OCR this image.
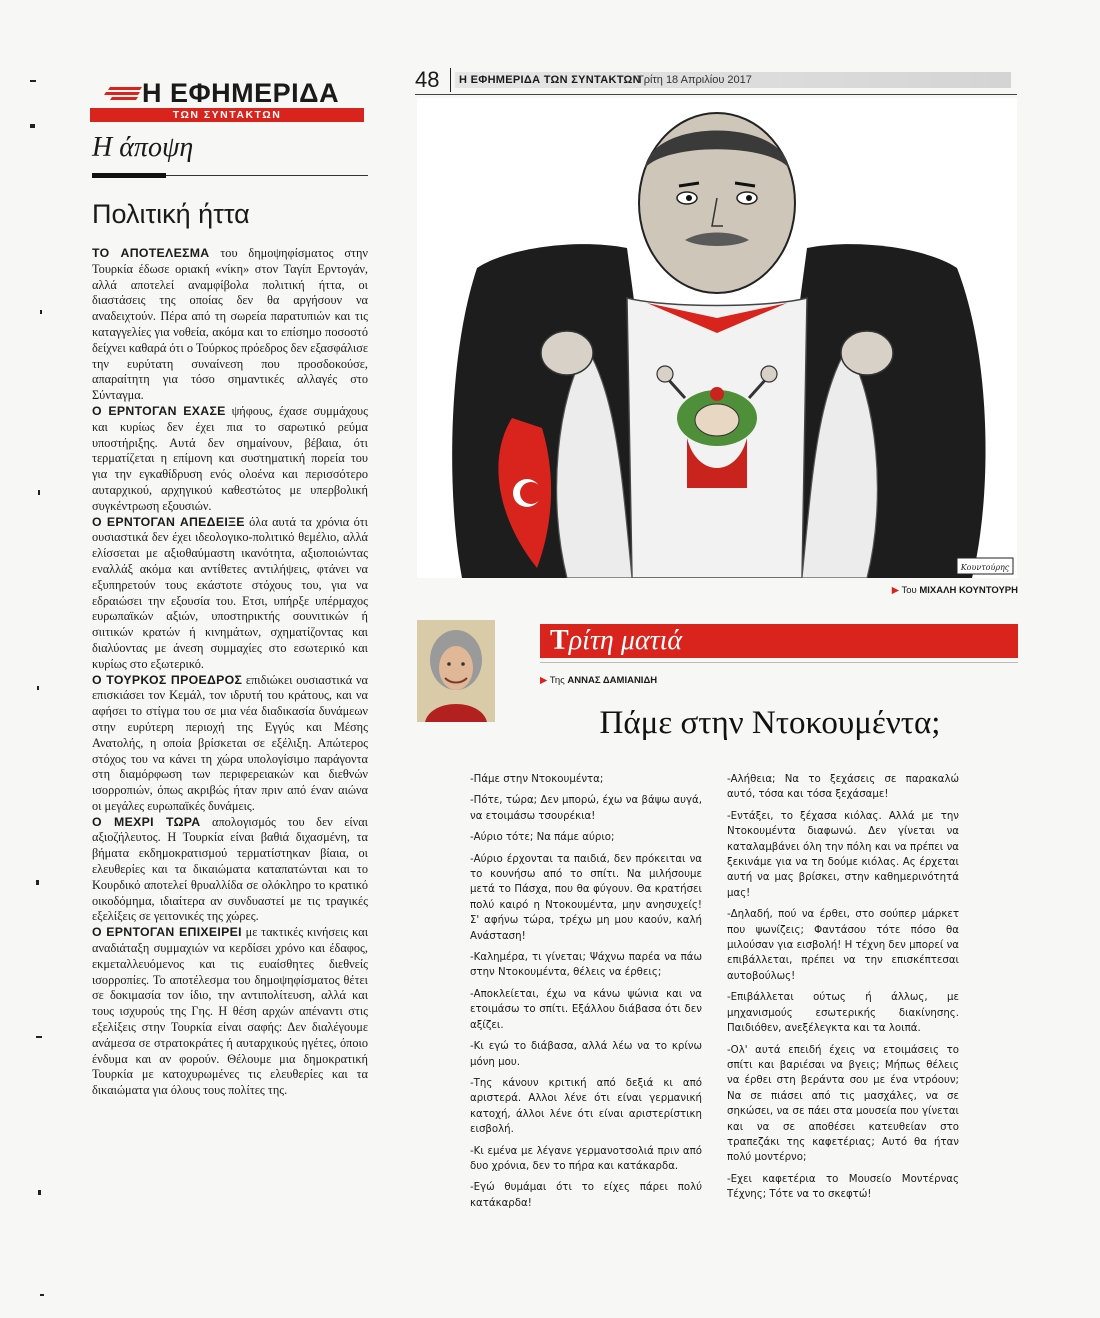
48	Η ΕΦΗΜΕΡΙΔΑ ΤΩΝ ΣΥΝΤΑΚΤΩΝ
Τρίτη 18 Απριλίου 2017
Η ΕΦΗΜΕΡΙΔΑ
ΤΩΝ ΣΥΝΤΑΚΤΩΝ
Η άποψη
Πολιτική ήττα

ΤΟ ΑΠΟΤΕΛΕΣΜΑ του δημοψηφίσματος στην Τουρκία έδωσε οριακή «νίκη» στον Ταγίπ Ερντογάν, αλλά αποτελεί αναμφίβολα πολιτική ήττα, οι διαστάσεις της οποίας δεν θα αργήσουν να αναδειχτούν. Πέρα από τη σωρεία παρατυπιών και τις καταγγελίες για νοθεία, ακόμα και το επίσημο ποσοστό δείχνει καθαρά ότι ο Τούρκος πρόεδρος δεν εξασφάλισε την ευρύτατη συναίνεση που προσδοκούσε, απαραίτητη για τόσο σημαντικές αλλαγές στο Σύνταγμα.

Ο ΕΡΝΤΟΓΑΝ ΕΧΑΣΕ ψήφους, έχασε συμμάχους και κυρίως δεν έχει πια το σαρωτικό ρεύμα υποστήριξης. Αυτά δεν σημαίνουν, βέβαια, ότι τερματίζεται η επίμονη και συστηματική πορεία του για την εγκαθίδρυση ενός ολοένα και περισσότερο αυταρχικού, αρχηγικού καθεστώτος με υπερβολική συγκέντρωση εξουσιών.

Ο ΕΡΝΤΟΓΑΝ ΑΠΕΔΕΙΞΕ όλα αυτά τα χρόνια ότι ουσιαστικά δεν έχει ιδεολογικο-πολιτικό θεμέλιο, αλλά ελίσσεται με αξιοθαύμαστη ικανότητα, αξιοποιώντας εναλλάξ ακόμα και αντίθετες αντιλήψεις, φτάνει να εξυπηρετούν τους εκάστοτε στόχους του, για να εδραιώσει την εξουσία του. Ετσι, υπήρξε υπέρμαχος ευρωπαϊκών αξιών, υποστηρικτής σουνιτικών ή σιιτικών κρατών ή κινημάτων, σχηματίζοντας και διαλύοντας με άνεση συμμαχίες στο εσωτερικό και κυρίως στο εξωτερικό.

Ο ΤΟΥΡΚΟΣ ΠΡΟΕΔΡΟΣ επιδιώκει ουσιαστικά να επισκιάσει τον Κεμάλ, τον ιδρυτή του κράτους, και να αφήσει το στίγμα του σε μια νέα διαδικασία δυνάμεων στην ευρύτερη περιοχή της Εγγύς και Μέσης Ανατολής, η οποία βρίσκεται σε εξέλιξη. Απώτερος στόχος του να κάνει τη χώρα υπολογίσιμο παράγοντα στη διαμόρφωση των περιφερειακών και διεθνών ισορροπιών, όπως ακριβώς ήταν πριν από έναν αιώνα οι μεγάλες ευρωπαϊκές δυνάμεις.

Ο ΜΕΧΡΙ ΤΩΡΑ απολογισμός του δεν είναι αξιοζήλευτος. Η Τουρκία είναι βαθιά διχασμένη, τα βήματα εκδημοκρατισμού τερματίστηκαν βίαια, οι ελευθερίες και τα δικαιώματα καταπατώνται και το Κουρδικό αποτελεί θρυαλλίδα σε ολόκληρο το κρατικό οικοδόμημα, ιδιαίτερα αν συνδυαστεί με τις τραγικές εξελίξεις σε γειτονικές της χώρες.

Ο ΕΡΝΤΟΓΑΝ ΕΠΙΧΕΙΡΕΙ με τακτικές κινήσεις και αναδιάταξη συμμαχιών να κερδίσει χρόνο και έδαφος, εκμεταλλευόμενος και τις ευαίσθητες διεθνείς ισορροπίες. Το αποτέλεσμα του δημοψηφίσματος θέτει σε δοκιμασία τον ίδιο, την αντιπολίτευση, αλλά και τους ισχυρούς της Γης. Η θέση αρχών απέναντι στις εξελίξεις στην Τουρκία είναι σαφής: Δεν διαλέγουμε ανάμεσα σε στρατοκράτες ή αυταρχικούς ηγέτες, όποιο ένδυμα και αν φορούν. Θέλουμε μια δημοκρατική Τουρκία με κατοχυρωμένες τις ελευθερίες και τα δικαιώματα για όλους τους πολίτες της.

Κουντούρης
▶ Του ΜΙΧΑΛΗ ΚΟΥΝΤΟΥΡΗ
Τρίτη ματιά
▶ Της ΑΝΝΑΣ ΔΑΜΙΑΝΙΔΗ
Πάμε στην Ντοκουμέντα;

-Πάμε στην Ντοκουμέντα;

-Πότε, τώρα; Δεν μπορώ, έχω να βάψω αυγά, να ετοιμάσω τσουρέκια!

-Αύριο τότε; Να πάμε αύριο;

-Αύριο έρχονται τα παιδιά, δεν πρόκειται να το κουνήσω από το σπίτι. Να μιλήσουμε μετά το Πάσχα, που θα φύγουν. Θα κρατήσει πολύ καιρό η Ντοκουμέντα, μην ανησυχείς! Σ' αφήνω τώρα, τρέχω μη μου καούν, καλή Ανάσταση!

-Καλημέρα, τι γίνεται; Ψάχνω παρέα να πάω στην Ντοκουμέντα, θέλεις να έρθεις;

-Αποκλείεται, έχω να κάνω ψώνια και να ετοιμάσω το σπίτι. Εξάλλου διάβασα ότι δεν αξίζει.

-Κι εγώ το διάβασα, αλλά λέω να το κρίνω μόνη μου.

-Της κάνουν κριτική από δεξιά κι από αριστερά. Αλλοι λένε ότι είναι γερμανική κατοχή, άλλοι λένε ότι είναι αριστερίστικη εισβολή.

-Κι εμένα με λέγανε γερμανοτσολιά πριν από δυο χρόνια, δεν το πήρα και κατάκαρδα.

-Εγώ θυμάμαι ότι το είχες πάρει πολύ κατάκαρδα!

-Αλήθεια; Να το ξεχάσεις σε παρακαλώ αυτό, τόσα και τόσα ξεχάσαμε!

-Εντάξει, το ξέχασα κιόλας. Αλλά με την Ντοκουμέντα διαφωνώ. Δεν γίνεται να καταλαμβάνει όλη την πόλη και να πρέπει να ξεκινάμε για να τη δούμε κιόλας. Ας έρχεται αυτή να μας βρίσκει, στην καθημερινότητά μας!

-Δηλαδή, πού να έρθει, στο σούπερ μάρκετ που ψωνίζεις; Φαντάσου τότε πόσο θα μιλούσαν για εισβολή! Η τέχνη δεν μπορεί να επιβάλλεται, πρέπει να την επισκέπτεσαι αυτοβούλως!

-Επιβάλλεται ούτως ή άλλως, με μηχανισμούς εσωτερικής διακίνησης. Παιδιόθεν, ανεξέλεγκτα και τα λοιπά.

-Ολ' αυτά επειδή έχεις να ετοιμάσεις το σπίτι και βαριέσαι να βγεις; Μήπως θέλεις να έρθει στη βεράντα σου με ένα ντρόουν; Να σε πιάσει από τις μασχάλες, να σε σηκώσει, να σε πάει στα μουσεία που γίνεται και να σε αποθέσει κατευθείαν στο τραπεζάκι της καφετέριας; Αυτό θα ήταν πολύ μοντέρνο;

-Εχει καφετέρια το Μουσείο Μοντέρνας Τέχνης; Τότε να το σκεφτώ!
